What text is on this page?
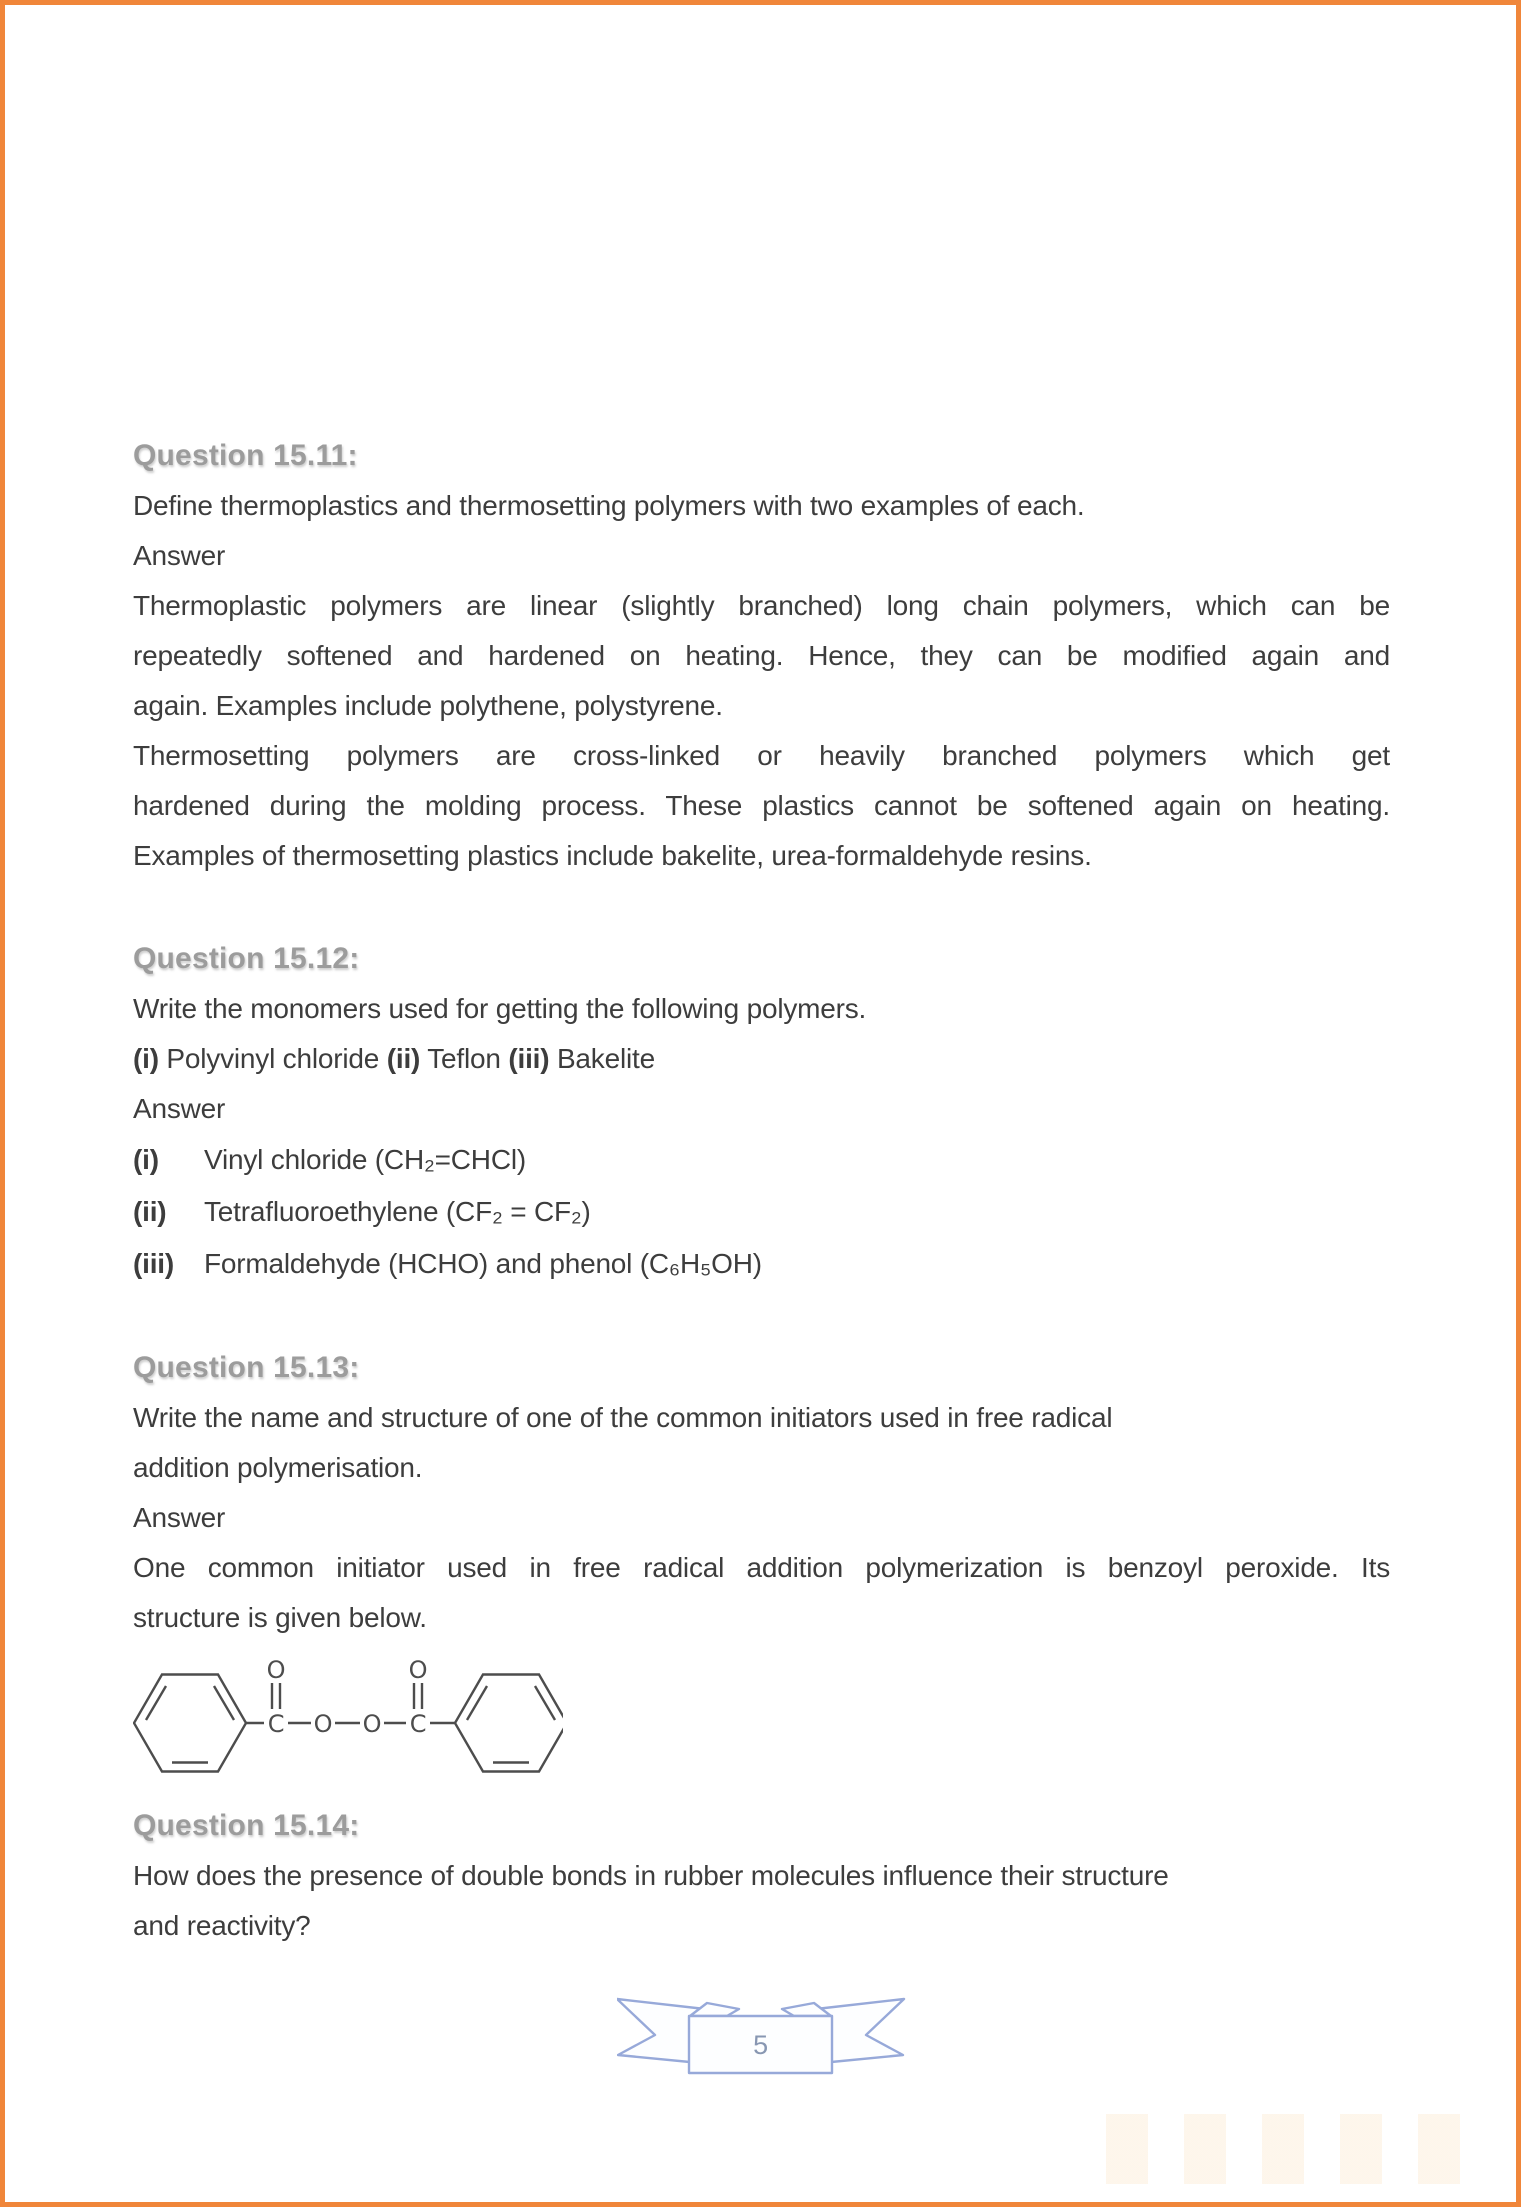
Question 15.11:
Define thermoplastics and thermosetting polymers with two examples of each.
Answer
Thermoplastic polymers are linear (slightly branched) long chain polymers, which can be
repeatedly softened and hardened on heating. Hence, they can be modified again and
again. Examples include polythene, polystyrene.
Thermosetting polymers are cross-linked or heavily branched polymers which get
hardened during the molding process. These plastics cannot be softened again on heating.
Examples of thermosetting plastics include bakelite, urea-formaldehyde resins.
Question 15.12:
Write the monomers used for getting the following polymers.
(i) Polyvinyl chloride (ii) Teflon (iii) Bakelite
Answer
(i) Vinyl chloride (CH₂=CHCl)
(ii) Tetrafluoroethylene (CF₂ = CF₂)
(iii) Formaldehyde (HCHO) and phenol (C₆H₅OH)
Question 15.13:
Write the name and structure of one of the common initiators used in free radical
addition polymerisation.
Answer
One common initiator used in free radical addition polymerization is benzoyl peroxide. Its
structure is given below.
O
C O O C
O
Question 15.14:
How does the presence of double bonds in rubber molecules influence their structure
and reactivity?
5
